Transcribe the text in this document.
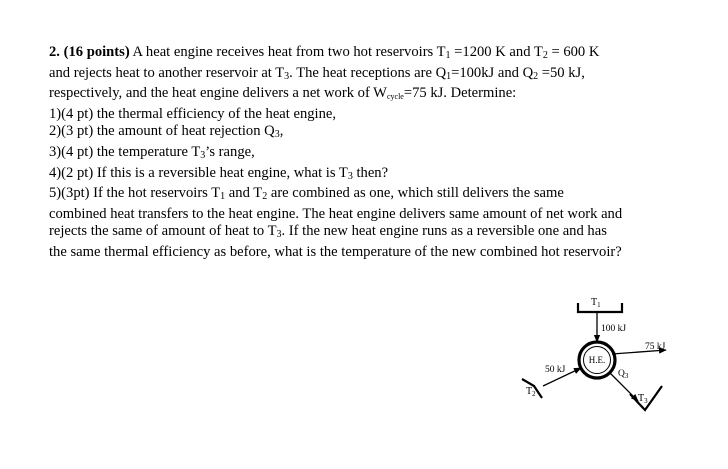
2. (16 points) A heat engine receives heat from two hot reservoirs $T_1 =1200$ K and $T_2 = 600$ K
and rejects heat to another reservoir at $T_3$. The heat receptions are $Q_1=100kJ$ and $Q_2 =50$ kJ,
respectively, and the heat engine delivers a net work of Wcycle=75 kJ. Determine:
1)(4 pt) the thermal efficiency of the heat engine,
2)(3 pt) the amount of heat rejection $Q_3$,
3)(4 pt) the temperature $T_3’s$ range,
4)(2 pt) If this is a reversible heat engine, what is $T_3$ then?
5)(3pt) If the hot reservoirs $T_1$ and $T_2$ are combined as one, which still delivers the same
combined heat transfers to the heat engine. The heat engine delivers same amount of net work and
rejects the same of amount of heat to $T_3$. If the new heat engine runs as a reversible one and has
the same thermal efficiency as before, what is the temperature of the new combined hot reservoir?
$T_1$
100 kJ
H.E.
75 kJ
50 kJ
$T_2$
$Q_3$
$T_3$
